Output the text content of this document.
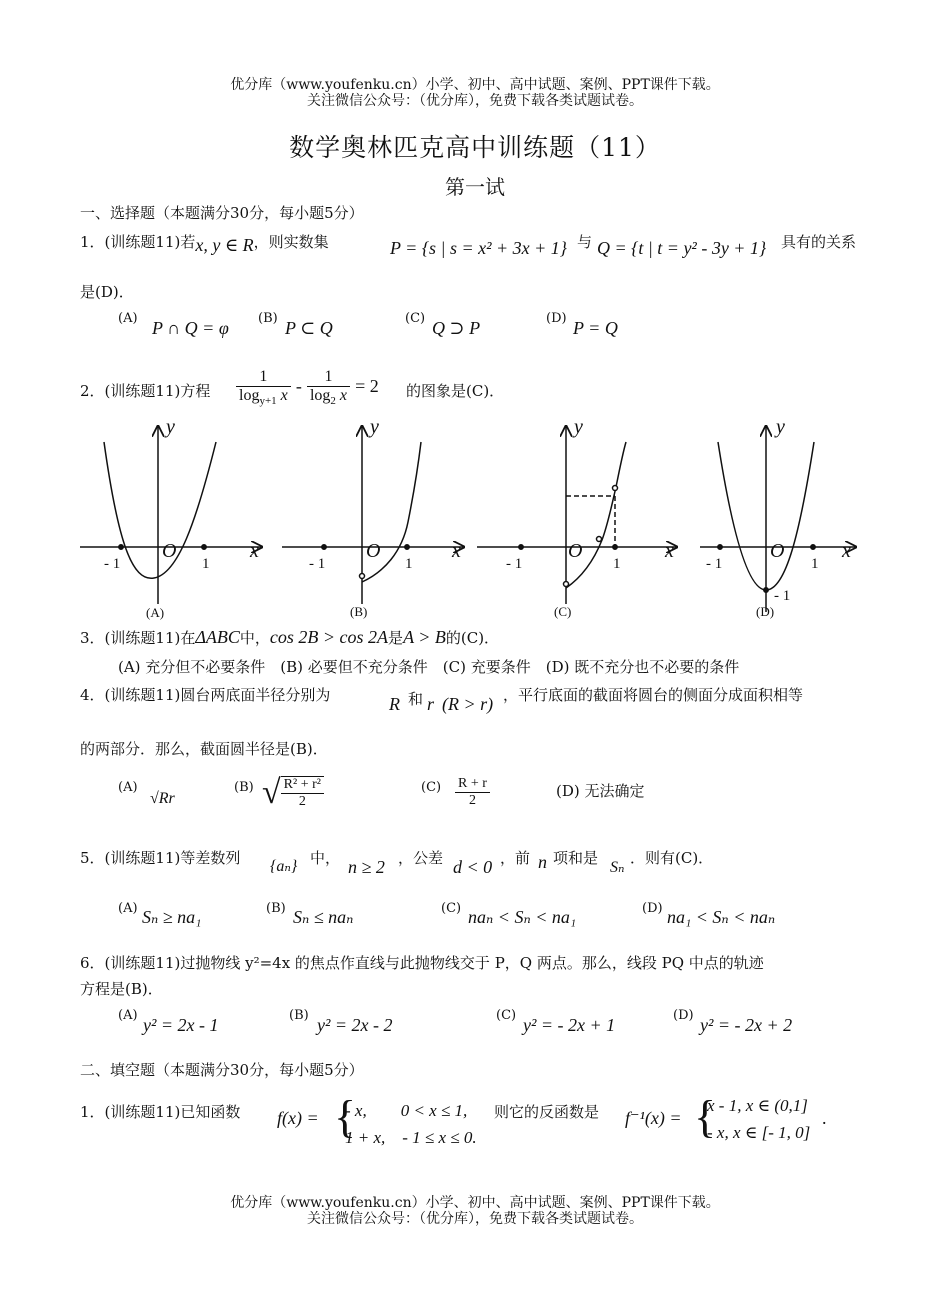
优分库（www.youfenku.cn）小学、初中、高中试题、案例、PPT课件下载。
关注微信公众号：（优分库），免费下载各类试题试卷。
数学奥林匹克高中训练题（11）
第一试
一、选择题（本题满分30分，每小题5分）
1．(训练题11)若x, y ∈ R，则实数集	P = {s | s = x² + 3x + 1} 与 Q = {t | t = y² - 3y + 1} 具有的关系
是(D)．
(A) P ∩ Q = φ (B) P ⊂ Q	(C) Q ⊃ P	(D) P = Q
2．(训练题11)方程 $\frac{1}{\log_{y+1} x} - \frac{1}{\log_2 x} = 2$ 的图象是(C)．
y
x
O
y
x
O
y
x
O
y
x
O
- 1	1	- 1	1	- 1	1	- 1	1
- 1
(A)	(B)	(C)	(D)
3．(训练题11)在ΔABC中，cos 2B > cos 2A是A > B的(C)．
(A) 充分但不必要条件　(B) 必要但不充分条件　(C) 充要条件　(D) 既不充分也不必要的条件
4．(训练题11)圆台两底面半径分别为	R 和 r (R > r) ，平行底面的截面将圆台的侧面分成面积相等
的两部分．那么，截面圆半径是(B)．
(A)
√Rr
(B) √ $\frac{\text{R² + r²}}{2}$	$(C) \frac{R + r}{2}$	(D) 无法确定
5．(训练题11)等差数列 {aₙ} 中， n ≥ 2 ，公差 d < 0 ，前 n 项和是
Sₙ
．则有(C)．
(A) Sₙ ≥ na₁	(B) Sₙ ≤ naₙ	(C) naₙ < Sₙ < na₁	(D) na₁ < Sₙ < naₙ
6．(训练题11)过抛物线 y²=4x 的焦点作直线与此抛物线交于 P，Q 两点。那么，线段 PQ 中点的轨迹
方程是(B)．
(A) y² = 2x - 1	(B) y² = 2x - 2	(C) y² = - 2x + 1	(D) y² = - 2x + 2
二、填空题（本题满分30分，每小题5分）
1．(训练题11)已知函数 f(x) = {
- x,　　0 < x ≤ 1,
1 + x,　- 1 ≤ x ≤ 0.
则它的反函数是 f⁻¹(x) = {
x - 1, x ∈ (0,1]
- x, x ∈ [- 1, 0]
.
优分库（www.youfenku.cn）小学、初中、高中试题、案例、PPT课件下载。
关注微信公众号：（优分库），免费下载各类试题试卷。
